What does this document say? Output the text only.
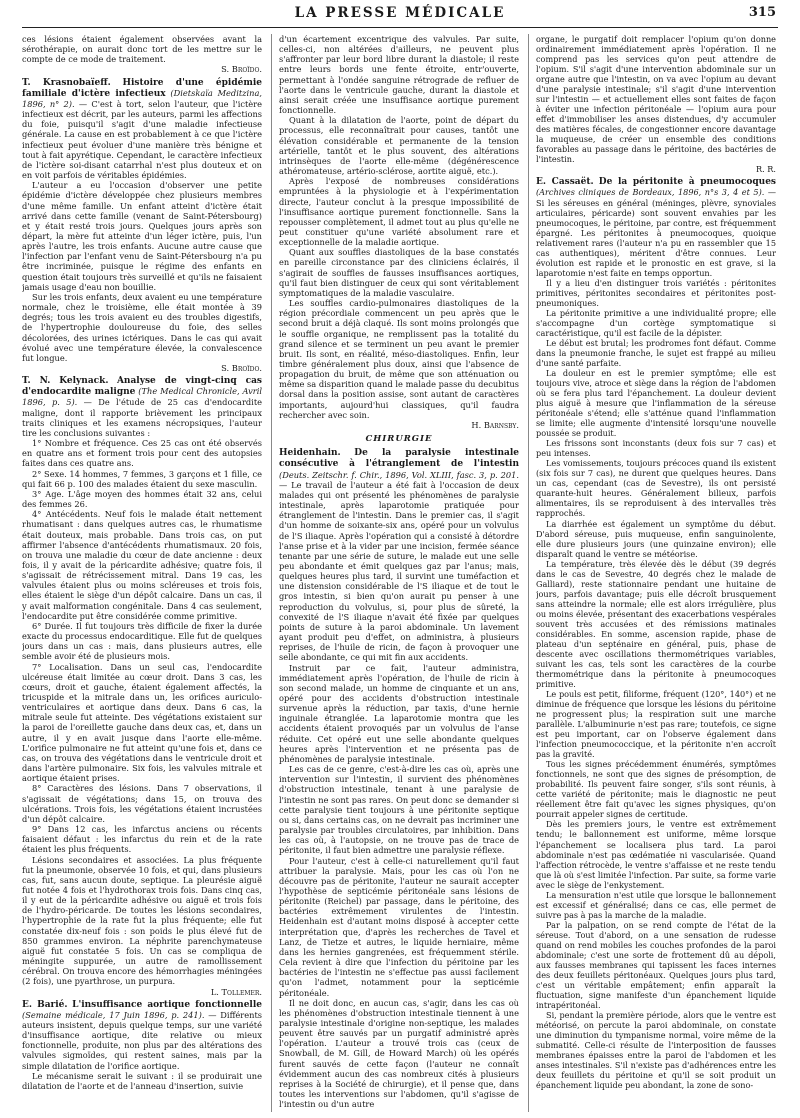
LA PRESSE MÉDICALE	315

ces lésions étaient également observées avant la sérothérapie, on aurait donc tort de les mettre sur le compte de ce mode de traitement.

S. Broïdo.

T. Krasnobaïeff. Histoire d'une épidémie familiale d'ictère infectieux (Dietskaïa Meditzina, 1896, n° 2). — C'est à tort, selon l'auteur, que l'ictère infectieux est décrit, par les auteurs, parmi les affections du foie, puisqu'il s'agit d'une maladie infectieuse générale. La cause en est probablement à ce que l'ictère infectieux peut évoluer d'une manière très bénigne et tout à fait apyrétique. Cependant, le caractère infectieux de l'ictère soi-disant catarrhal n'est plus douteux et on en voit parfois de véritables épidémies.

L'auteur a eu l'occasion d'observer une petite épidémie d'ictère développée chez plusieurs membres d'une même famille. Un enfant atteint d'ictère était arrivé dans cette famille (venant de Saint-Pétersbourg) et y était resté trois jours. Quelques jours après son départ, la mère fut atteinte d'un léger ictère, puis, l'un après l'autre, les trois enfants. Aucune autre cause que l'infection par l'enfant venu de Saint-Pétersbourg n'a pu être incriminée, puisque le régime des enfants en question était toujours très surveillé et qu'ils ne faisaient jamais usage d'eau non bouillie.

Sur les trois enfants, deux avaient eu une température normale, chez le troisième, elle était montée à 39 degrés; tous les trois avaient eu des troubles digestifs, de l'hypertrophie douloureuse du foie, des selles décolorées, des urines ictériques. Dans le cas qui avait évolué avec une température élevée, la convalescence fut longue.

S. Broïdo.

T. N. Kelynack. Analyse de vingt-cinq cas d'endocardite maligne (The Medical Chronicle, Avril 1896, p. 5). — De l'étude de 25 cas d'endocardite maligne, dont il rapporte brièvement les principaux traits cliniques et les examens nécropsiques, l'auteur tire les conclusions suivantes :

1° Nombre et fréquence. Ces 25 cas ont été observés en quatre ans et forment trois pour cent des autopsies faites dans ces quatre ans.

2° Sexe. 14 hommes, 7 femmes, 3 garçons et 1 fille, ce qui fait 66 p. 100 des malades étaient du sexe masculin.

3° Age. L'âge moyen des hommes était 32 ans, celui des femmes 26.

4° Antécédents. Neuf fois le malade était nettement rhumatisant : dans quelques autres cas, le rhumatisme était douteux, mais probable. Dans trois cas, on put affirmer l'absence d'antécédents rhumatismaux. 20 fois, on trouva une maladie du cœur de date ancienne : deux fois, il y avait de la péricardite adhésive; quatre fois, il s'agissait de rétrécissement mitral. Dans 19 cas, les valvules étaient plus ou moins scléreuses et trois fois, elles étaient le siège d'un dépôt calcaire. Dans un cas, il y avait malformation congénitale. Dans 4 cas seulement, l'endocardite put être considérée comme primitive.

6° Durée. Il fut toujours très difficile de fixer la durée exacte du processus endocarditique. Elle fut de quelques jours dans un cas : mais, dans plusieurs autres, elle semble avoir été de plusieurs mois.

7° Localisation. Dans un seul cas, l'endocardite ulcéreuse était limitée au cœur droit. Dans 3 cas, les cœurs, droit et gauche, étaient également affectés, la tricuspide et la mitrale dans un, les orifices auriculo-ventriculaires et aortique dans deux. Dans 6 cas, la mitrale seule fut atteinte. Des végétations existaient sur la paroi de l'oreillette gauche dans deux cas, et, dans un autre, il y en avait jusque dans l'aorte elle-même. L'orifice pulmonaire ne fut atteint qu'une fois et, dans ce cas, on trouva des végétations dans le ventricule droit et dans l'artère pulmonaire. Six fois, les valvules mitrale et aortique étaient prises.

8° Caractères des lésions. Dans 7 observations, il s'agissait de végétations; dans 15, on trouva des ulcérations. Trois fois, les végétations étaient incrustées d'un dépôt calcaire.

9° Dans 12 cas, les infarctus anciens ou récents faisaient défaut : les infarctus du rein et de la rate étaient les plus fréquents.

Lésions secondaires et associées. La plus fréquente fut la pneumonie, observée 10 fois, et qui, dans plusieurs cas, fut, sans aucun doute, septique. La pleurésie aiguë fut notée 4 fois et l'hydrothorax trois fois. Dans cinq cas, il y eut de la péricardite adhésive ou aiguë et trois fois de l'hydro-péricarde. De toutes les lésions secondaires, l'hypertrophie de la rate fut la plus fréquente; elle fut constatée dix-neuf fois : son poids le plus élevé fut de 850 grammes environ. La néphrite parenchymateuse aiguë fut constatée 5 fois. Un cas se compliqua de méningite suppurée, un autre de ramollissement cérébral. On trouva encore des hémorrhagies méningées (2 fois), une pyarthrose, un purpura.

L. Tollemer.

E. Barié. L'insuffisance aortique fonctionnelle (Semaine médicale, 17 Juin 1896, p. 241). — Différents auteurs insistent, depuis quelque temps, sur une variété d'insuffisance aortique, dite relative ou mieux fonctionnelle, produite, non plus par des altérations des valvules sigmoïdes, qui restent saines, mais par la simple dilatation de l'orifice aortique.

Le mécanisme serait le suivant : il se produirait une dilatation de l'aorte et de l'anneau d'insertion, suivie

d'un écartement excentrique des valvules. Par suite, celles-ci, non altérées d'ailleurs, ne peuvent plus s'affronter par leur bord libre durant la diastole; il reste entre leurs bords une fente étroite, entr'ouverte, permettant à l'ondée sanguine rétrograde de refluer de l'aorte dans le ventricule gauche, durant la diastole et ainsi serait créée une insuffisance aortique purement fonctionnelle.

Quant à la dilatation de l'aorte, point de départ du processus, elle reconnaîtrait pour causes, tantôt une élévation considérable et permanente de la tension artérielle, tantôt et le plus souvent, des altérations intrinsèques de l'aorte elle-même (dégénérescence athéromateuse, artério-sclérose, aortite aiguë, etc.).

Après l'exposé de nombreuses considérations empruntées à la physiologie et à l'expérimentation directe, l'auteur conclut à la presque impossibilité de l'insuffisance aortique purement fonctionnelle. Sans la repousser complètement, il admet tout au plus qu'elle ne peut constituer qu'une variété absolument rare et exceptionnelle de la maladie aortique.

Quant aux souffles diastoliques de la base constatés en pareille circonstance par des cliniciens éclairés, il s'agirait de souffles de fausses insuffisances aortiques, qu'il faut bien distinguer de ceux qui sont véritablement symptomatiques de la maladie vasculaire.

Les souffles cardio-pulmonaires diastoliques de la région précordiale commencent un peu après que le second bruit a déjà claqué. Ils sont moins prolongés que le souffle organique, ne remplissent pas la totalité du grand silence et se terminent un peu avant le premier bruit. Ils sont, en réalité, méso-diastoliques. Enfin, leur timbre généralement plus doux, ainsi que l'absence de propagation du bruit, de même que son atténuation ou même sa disparition quand le malade passe du decubitus dorsal dans la position assise, sont autant de caractères importants, aujourd'hui classiques, qu'il faudra rechercher avec soin.

H. Barnsby.

CHIRURGIE

Heidenhain. De la paralysie intestinale consécutive à l'étranglement de l'intestin (Deuts. Zeitschr. f. Chir., 1896, Vol. XLIII, fasc. 3, p. 201. — Le travail de l'auteur a été fait à l'occasion de deux malades qui ont présenté les phénomènes de paralysie intestinale, après laparotomie pratiquée pour étranglement de l'intestin. Dans le premier cas, il s'agit d'un homme de soixante-six ans, opéré pour un volvulus de l'S iliaque. Après l'opération qui a consisté à détordre l'anse prise et à la vider par une incision, fermée séance tenante par une série de suture, le malade eut une selle peu abondante et émit quelques gaz par l'anus; mais, quelques heures plus tard, il survint une tuméfaction et une distension considérable de l'S iliaque et de tout le gros intestin, si bien qu'on aurait pu penser à une reproduction du volvulus, si, pour plus de sûreté, la convexité de l'S iliaque n'avait été fixée par quelques points de suture à la paroi abdominale. Un lavement ayant produit peu d'effet, on administra, à plusieurs reprises, de l'huile de ricin, de façon à provoquer une selle abondante, ce qui mit fin aux accidents.

Instruit par ce fait, l'auteur administra, immédiatement après l'opération, de l'huile de ricin à son second malade, un homme de cinquante et un ans, opéré pour des accidents d'obstruction intestinale survenue après la réduction, par taxis, d'une hernie inguinale étranglée. La laparotomie montra que les accidents étaient provoqués par un volvulus de l'anse réduite. Cet opéré eut une selle abondante quelques heures après l'intervention et ne présenta pas de phénomènes de paralysie intestinale.

Les cas de ce genre, c'est-à-dire les cas où, après une intervention sur l'intestin, il survient des phénomènes d'obstruction intestinale, tenant à une paralysie de l'intestin ne sont pas rares. On peut donc se demander si cette paralysie tient toujours à une péritonite septique ou si, dans certains cas, on ne devrait pas incriminer une paralysie par troubles circulatoires, par inhibition. Dans les cas où, à l'autopsie, on ne trouve pas de trace de péritonite, il faut bien admettre une paralysie réflexe.

Pour l'auteur, c'est à celle-ci naturellement qu'il faut attribuer la paralysie. Mais, pour les cas où l'on ne découvre pas de péritonite, l'auteur ne saurait accepter l'hypothèse de septicémie péritonéale sans lésions de péritonite (Reichel) par passage, dans le péritoine, des bactéries extrêmement virulentes de l'intestin. Heidenhain est d'autant moins disposé à accepter cette interprétation que, d'après les recherches de Tavel et Lanz, de Tietze et autres, le liquide herniaire, même dans les hernies gangrenées, est fréquemment stérile. Cela revient à dire que l'infection du péritoine par les bactéries de l'intestin ne s'effectue pas aussi facilement qu'on l'admet, notamment pour la septicémie péritonéale.

Il ne doit donc, en aucun cas, s'agir, dans les cas où les phénomènes d'obstruction intestinale tiennent à une paralysie intestinale d'origine non-septique, les malades peuvent être sauvés par un purgatif administré après l'opération. L'auteur a trouvé trois cas (ceux de Snowball, de M. Gill, de Howard March) où les opérés furent sauvés de cette façon (l'auteur ne connaît évidemment aucun des cas nombreux cités à plusieurs reprises à la Société de chirurgie), et il pense que, dans toutes les interventions sur l'abdomen, qu'il s'agisse de l'intestin ou d'un autre

organe, le purgatif doit remplacer l'opium qu'on donne ordinairement immédiatement après l'opération. Il ne comprend pas les services qu'on peut attendre de l'opium. S'il s'agit d'une intervention abdominale sur un organe autre que l'intestin, on va avec l'opium au devant d'une paralysie intestinale; s'il s'agit d'une intervention sur l'intestin — et actuellement elles sont faites de façon à éviter une infection péritonéale — l'opium aura pour effet d'immobiliser les anses distendues, d'y accumuler des matières fécales, de congestionner encore davantage la muqueuse, de créer un ensemble des conditions favorables au passage dans le péritoine, des bactéries de l'intestin.

R. R.

E. Cassaët. De la péritonite à pneumocoques (Archives cliniques de Bordeaux, 1896, n°s 3, 4 et 5). — Si les séreuses en général (méninges, plèvre, synoviales articulaires, péricarde) sont souvent envahies par les pneumocoques, le péritoine, par contre, est fréquemment épargné. Les péritonites à pneumocoques, quoique relativement rares (l'auteur n'a pu en rassembler que 15 cas authentiques), méritent d'être connues. Leur évolution est rapide et le pronostic en est grave, si la laparotomie n'est faite en temps opportun.

Il y a lieu d'en distinguer trois variétés : péritonites primitives, péritonites secondaires et péritonites post-pneumoniques.

La péritonite primitive a une individualité propre; elle s'accompagne d'un cortège symptomatique si caractéristique, qu'il est facile de la dépister.

Le début est brutal; les prodromes font défaut. Comme dans la pneumonie franche, le sujet est frappé au milieu d'une santé parfaite.

La douleur en est le premier symptôme; elle est toujours vive, atroce et siège dans la région de l'abdomen où se fera plus tard l'épanchement. La douleur devient plus aiguë à mesure que l'inflammation de la séreuse péritonéale s'étend; elle s'atténue quand l'inflammation se limite; elle augmente d'intensité lorsqu'une nouvelle poussée se produit.

Les frissons sont inconstants (deux fois sur 7 cas) et peu intenses.

Les vomissements, toujours précoces quand ils existent (six fois sur 7 cas), ne durent que quelques heures. Dans un cas, cependant (cas de Sevestre), ils ont persisté quarante-huit heures. Généralement bilieux, parfois alimentaires, ils se reproduisent à des intervalles très rapprochés.

La diarrhée est également un symptôme du début. D'abord séreuse, puis muqueuse, enfin sanguinolente, elle dure plusieurs jours (une quinzaine environ); elle disparaît quand le ventre se météorise.

La température, très élevée dès le début (39 degrés dans le cas de Sevestre, 40 degrés chez le malade de Galliard), reste stationnaire pendant une huitaine de jours, parfois davantage; puis elle décroît brusquement sans atteindre la normale; elle est alors irrégulière, plus ou moins élevée, présentant des exacerbations vespérales souvent très accusées et des rémissions matinales considérables. En somme, ascension rapide, phase de plateau d'un septénaire en général, puis, phase de descente avec oscillations thermométriques variables, suivant les cas, tels sont les caractères de la courbe thermométrique dans la péritonite à pneumocoques primitive.

Le pouls est petit, filiforme, fréquent (120°, 140°) et ne diminue de fréquence que lorsque les lésions du péritoine ne progressent plus; la respiration suit une marche parallèle. L'albuminurie n'est pas rare; toutefois, ce signe est peu important, car on l'observe également dans l'infection pneumococcique, et la péritonite n'en accroît pas la gravité.

Tous les signes précédemment énumérés, symptômes fonctionnels, ne sont que des signes de présomption, de probabilité. Ils peuvent faire songer, s'ils sont réunis, à cette variété de péritonite; mais le diagnostic ne peut réellement être fait qu'avec les signes physiques, qu'on pourrait appeler signes de certitude.

Dès les premiers jours, le ventre est extrêmement tendu; le ballonnement est uniforme, même lorsque l'épanchement se localisera plus tard. La paroi abdominale n'est pas œdématiée ni vascularisée. Quand l'affection rétrocède, le ventre s'affaisse et ne reste tendu que là où s'est limitée l'infection. Par suite, sa forme varie avec le siège de l'enkystement.

La mensuration n'est utile que lorsque le ballonnement est excessif et généralisé; dans ce cas, elle permet de suivre pas à pas la marche de la maladie.

Par la palpation, on se rend compte de l'état de la séreuse. Tout d'abord, on a une sensation de rudesse quand on rend mobiles les couches profondes de la paroi abdominale; c'est une sorte de frottement dû au dépoli, aux fausses membranes qui tapissent les faces internes des deux feuillets péritonéaux. Quelques jours plus tard, c'est un véritable empâtement; enfin apparaît la fluctuation, signe manifeste d'un épanchement liquide intrapéritonéal.

Si, pendant la première période, alors que le ventre est météorisé, on percute la paroi abdominale, on constate une diminution du tympanisme normal, voire même de la submatité. Celle-ci résulte de l'interposition de fausses membranes épaisses entre la paroi de l'abdomen et les anses intestinales. S'il n'existe pas d'adhérences entre les deux feuillets du péritoine et qu'il se soit produit un épanchement liquide peu abondant, la zone de sono-
